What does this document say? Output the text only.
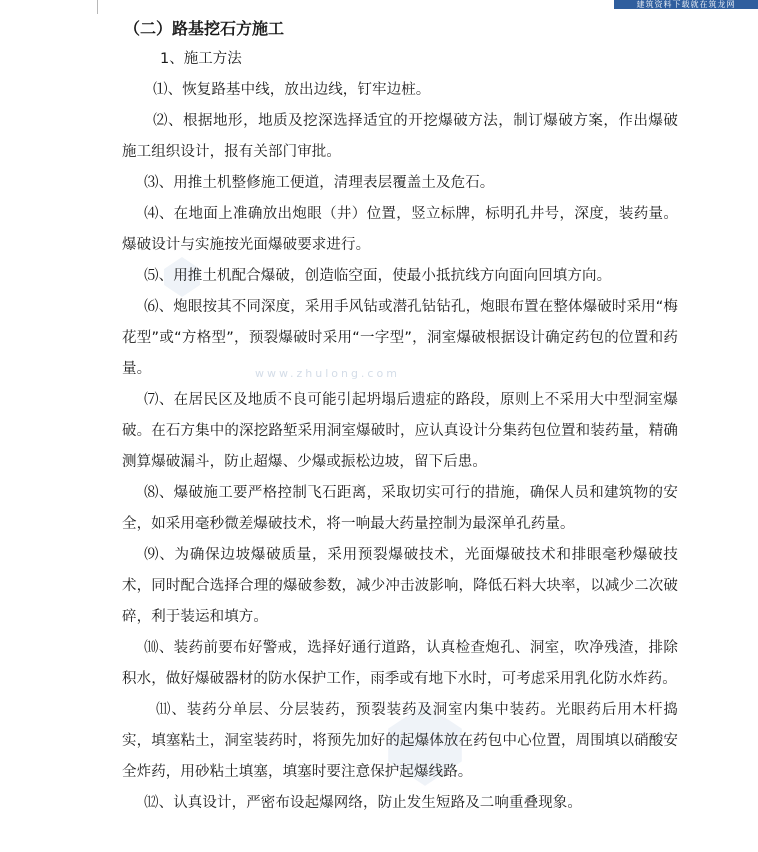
建筑资料下载就在筑龙网
www.zhulong.com
（二）路基挖石方施工

1、施工方法

⑴、恢复路基中线，放出边线，钉牢边桩。

⑵、根据地形，地质及挖深选择适宜的开挖爆破方法，制订爆破方案，作出爆破施工组织设计，报有关部门审批。

⑶、用推土机整修施工便道，清理表层覆盖土及危石。

⑷、在地面上准确放出炮眼（井）位置，竖立标牌，标明孔井号，深度，装药量。爆破设计与实施按光面爆破要求进行。

⑸、用推土机配合爆破，创造临空面，使最小抵抗线方向面向回填方向。

⑹、炮眼按其不同深度，采用手风钻或潜孔钻钻孔，炮眼布置在整体爆破时采用“梅花型”或“方格型”，预裂爆破时采用“一字型”，洞室爆破根据设计确定药包的位置和药量。

⑺、在居民区及地质不良可能引起坍塌后遗症的路段，原则上不采用大中型洞室爆破。在石方集中的深挖路堑采用洞室爆破时，应认真设计分集药包位置和装药量，精确测算爆破漏斗，防止超爆、少爆或振松边坡，留下后患。

⑻、爆破施工要严格控制飞石距离，采取切实可行的措施，确保人员和建筑物的安全，如采用毫秒微差爆破技术，将一响最大药量控制为最深单孔药量。

⑼、为确保边坡爆破质量，采用预裂爆破技术，光面爆破技术和排眼毫秒爆破技术，同时配合选择合理的爆破参数，减少冲击波影响，降低石料大块率，以减少二次破碎，利于装运和填方。

⑽、装药前要布好警戒，选择好通行道路，认真检查炮孔、洞室，吹净残渣，排除积水，做好爆破器材的防水保护工作，雨季或有地下水时，可考虑采用乳化防水炸药。

⑾、装药分单层、分层装药，预裂装药及洞室内集中装药。光眼药后用木杆捣实，填塞粘土，洞室装药时，将预先加好的起爆体放在药包中心位置，周围填以硝酸安全炸药，用砂粘土填塞，填塞时要注意保护起爆线路。

⑿、认真设计，严密布设起爆网络，防止发生短路及二响重叠现象。
